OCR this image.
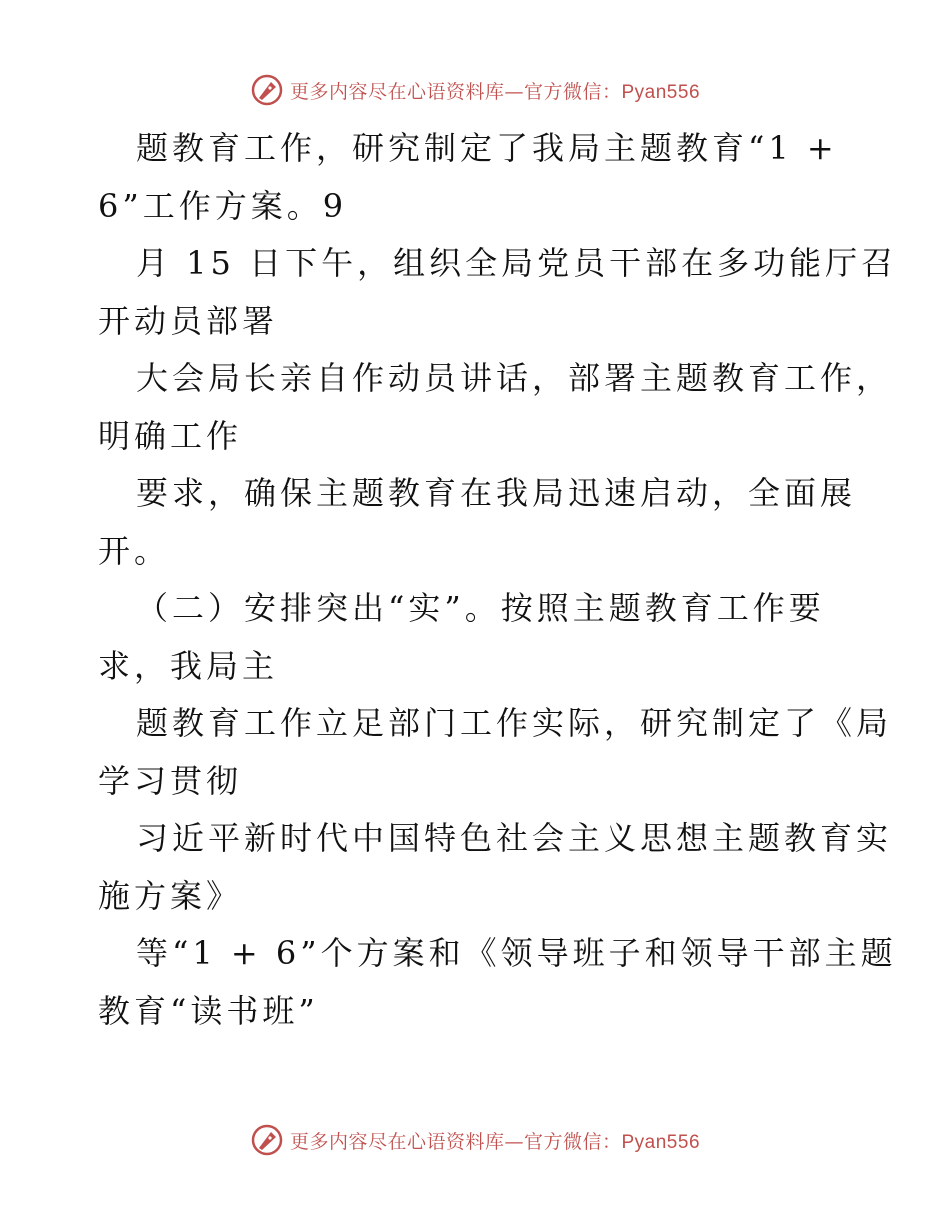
更多内容尽在心语资料库—官方微信：Pyan556
题教育工作，研究制定了我局主题教育“1 +
6”工作方案。9
月 15 日下午，组织全局党员干部在多功能厅召
开动员部署
大会局长亲自作动员讲话，部署主题教育工作，
明确工作
要求，确保主题教育在我局迅速启动，全面展
开。
（二）安排突出“实”。按照主题教育工作要
求，我局主
题教育工作立足部门工作实际，研究制定了《局
学习贯彻
习近平新时代中国特色社会主义思想主题教育实
施方案》
等“1 + 6”个方案和《领导班子和领导干部主题
教育“读书班”
更多内容尽在心语资料库—官方微信：Pyan556
